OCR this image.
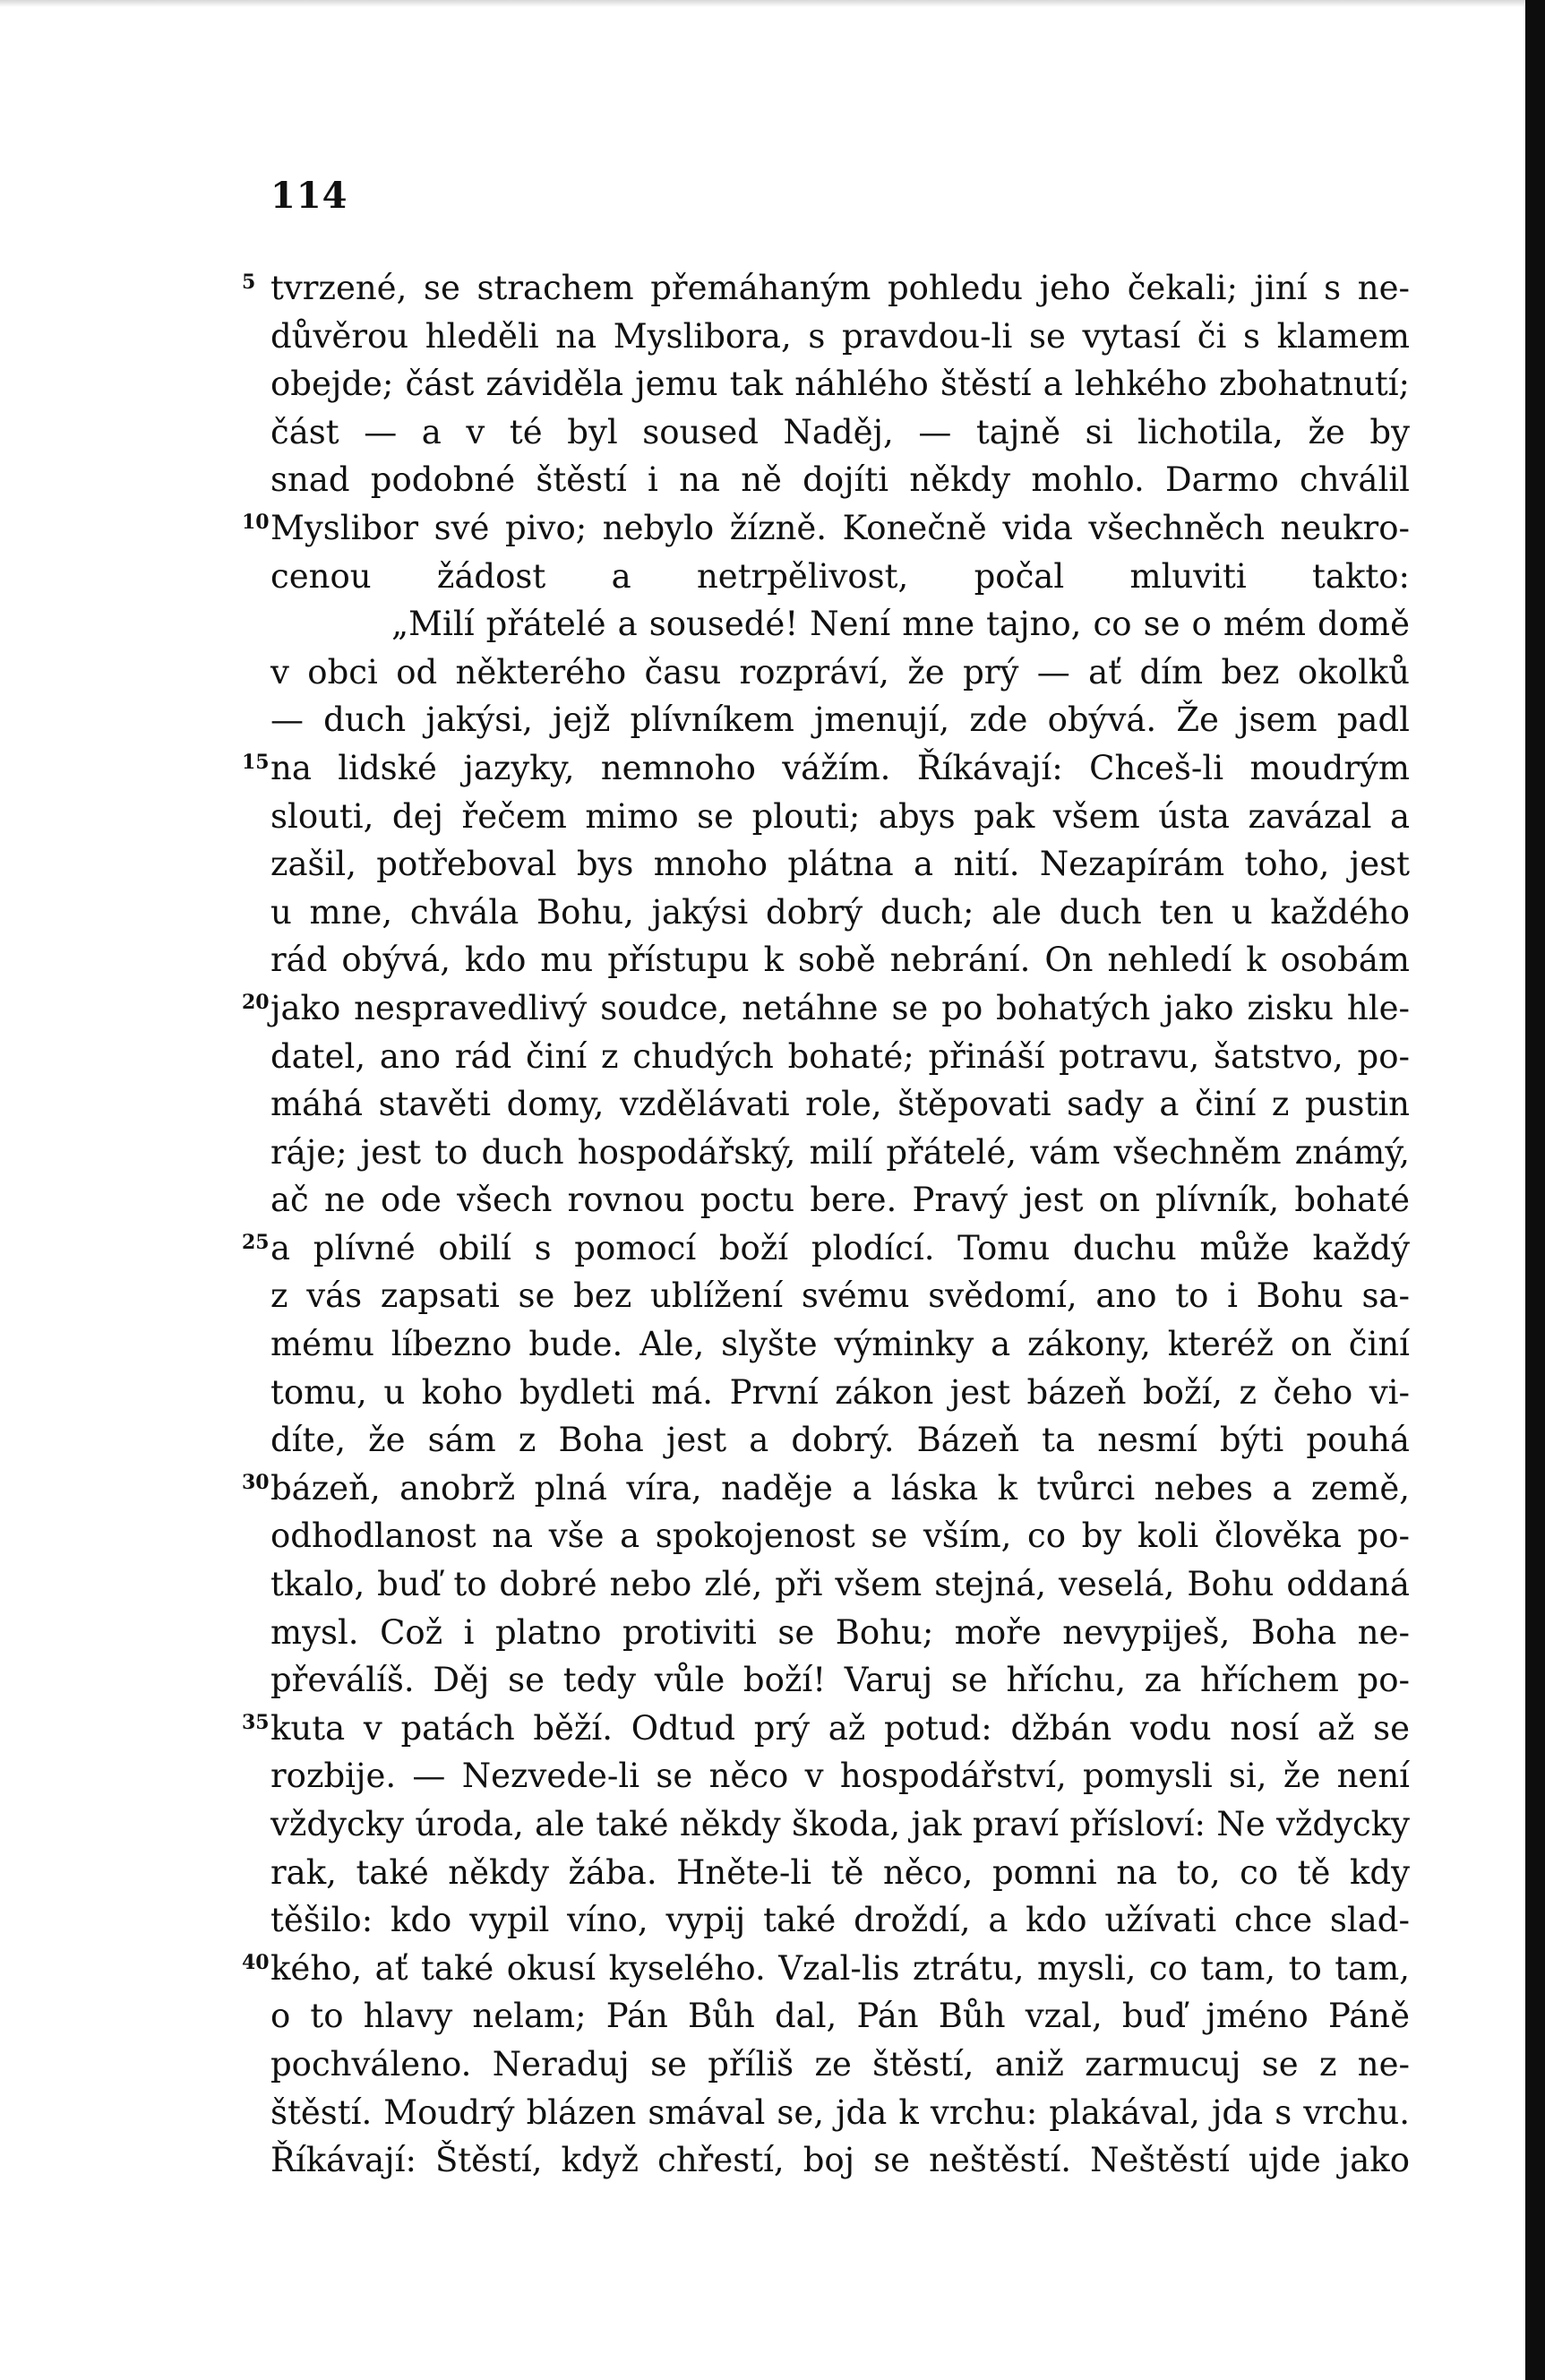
114
5 tvrzené, se strachem přemáhaným pohledu jeho čekali; jiní s ne-
důvěrou hleděli na Myslibora, s pravdou-li se vytasí či s klamem
obejde; část záviděla jemu tak náhlého štěstí a lehkého zbohatnutí;
část — a v té byl soused Naděj, — tajně si lichotila, že by
snad podobné štěstí i na ně dojíti někdy mohlo. Darmo chválil
10 Myslibor své pivo; nebylo žízně. Konečně vida všechněch neukro-
cenou žádost a netrpělivost, počal mluviti takto:
„Milí přátelé a sousedé! Není mne tajno, co se o mém domě
v obci od některého času rozpráví, že prý — ať dím bez okolků
— duch jakýsi, jejž plívníkem jmenují, zde obývá. Že jsem padl
15 na lidské jazyky, nemnoho vážím. Říkávají: Chceš-li moudrým
slouti, dej řečem mimo se plouti; abys pak všem ústa zavázal a
zašil, potřeboval bys mnoho plátna a nití. Nezapírám toho, jest
u mne, chvála Bohu, jakýsi dobrý duch; ale duch ten u každého
rád obývá, kdo mu přístupu k sobě nebrání. On nehledí k osobám
20 jako nespravedlivý soudce, netáhne se po bohatých jako zisku hle-
datel, ano rád činí z chudých bohaté; přináší potravu, šatstvo, po-
máhá stavěti domy, vzdělávati role, štěpovati sady a činí z pustin
ráje; jest to duch hospodářský, milí přátelé, vám všechněm známý,
ač ne ode všech rovnou poctu bere. Pravý jest on plívník, bohaté
25 a plívné obilí s pomocí boží plodící. Tomu duchu může každý
z vás zapsati se bez ublížení svému svědomí, ano to i Bohu sa-
mému líbezno bude. Ale, slyšte výminky a zákony, kteréž on činí
tomu, u koho bydleti má. První zákon jest bázeň boží, z čeho vi-
díte, že sám z Boha jest a dobrý. Bázeň ta nesmí býti pouhá
30 bázeň, anobrž plná víra, naděje a láska k tvůrci nebes a země,
odhodlanost na vše a spokojenost se vším, co by koli člověka po-
tkalo, buď to dobré nebo zlé, při všem stejná, veselá, Bohu oddaná
mysl. Což i platno protiviti se Bohu; moře nevypiješ, Boha ne-
převálíš. Děj se tedy vůle boží! Varuj se hříchu, za hříchem po-
35 kuta v patách běží. Odtud prý až potud: džbán vodu nosí až se
rozbije. — Nezvede-li se něco v hospodářství, pomysli si, že není
vždycky úroda, ale také někdy škoda, jak praví přísloví: Ne vždycky
rak, také někdy žába. Hněte-li tě něco, pomni na to, co tě kdy
těšilo: kdo vypil víno, vypij také droždí, a kdo užívati chce slad-
40 kého, ať také okusí kyselého. Vzal-lis ztrátu, mysli, co tam, to tam,
o to hlavy nelam; Pán Bůh dal, Pán Bůh vzal, buď jméno Páně
pochváleno. Neraduj se příliš ze štěstí, aniž zarmucuj se z ne-
štěstí. Moudrý blázen smával se, jda k vrchu: plakával, jda s vrchu.
Říkávají: Štěstí, když chřestí, boj se neštěstí. Neštěstí ujde jako
